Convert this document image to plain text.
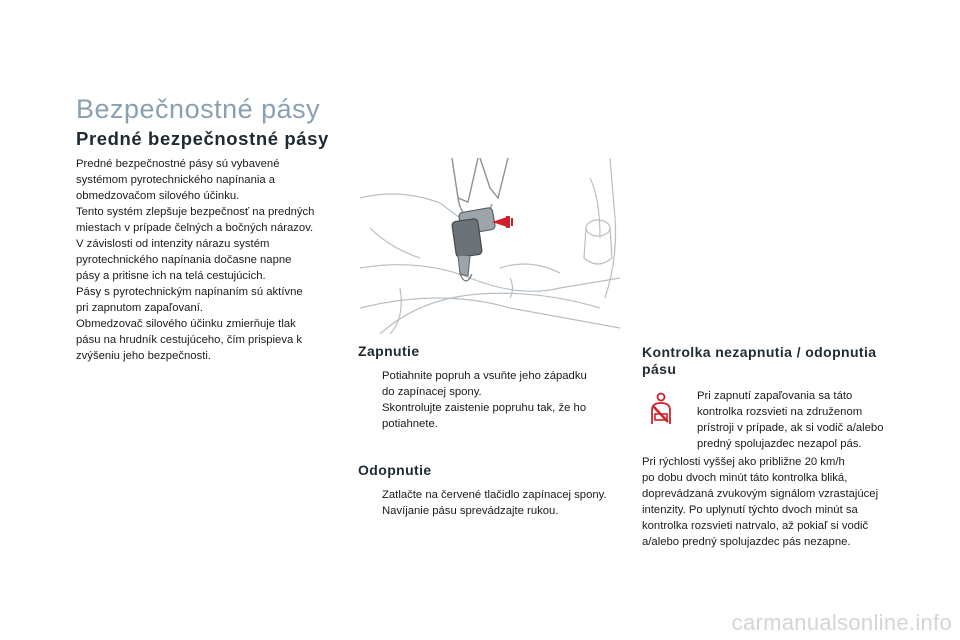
Bezpečnostné pásy
Predné bezpečnostné pásy
Predné bezpečnostné pásy sú vybavené
systémom pyrotechnického napínania a
obmedzovačom silového účinku.
Tento systém zlepšuje bezpečnosť na predných
miestach v prípade čelných a bočných nárazov.
V závislosti od intenzity nárazu systém
pyrotechnického napínania dočasne napne
pásy a pritisne ich na telá cestujúcich.
Pásy s pyrotechnickým napínaním sú aktívne
pri zapnutom zapaľovaní.
Obmedzovač silového účinku zmierňuje tlak
pásu na hrudník cestujúceho, čím prispieva k
zvýšeniu jeho bezpečnosti.	Zapnutie
Potiahnite popruh a vsuňte jeho západku
do zapínacej spony.
Skontrolujte zaistenie popruhu tak, že ho
potiahnete.
Odopnutie
Zatlačte na červené tlačidlo zapínacej spony.
Navíjanie pásu sprevádzajte rukou.
Kontrolka nezapnutia / odopnutia
pásu
Pri zapnutí zapaľovania sa táto
kontrolka rozsvieti na združenom
prístroji v prípade, ak si vodič a/alebo
predný spolujazdec nezapol pás.
Pri rýchlosti vyššej ako približne 20 km/h
po dobu dvoch minút táto kontrolka bliká,
doprevádzaná zvukovým signálom vzrastajúcej
intenzity. Po uplynutí týchto dvoch minút sa
kontrolka rozsvieti natrvalo, až pokiaľ si vodič
a/alebo predný spolujazdec pás nezapne.
carmanualsonline.info
